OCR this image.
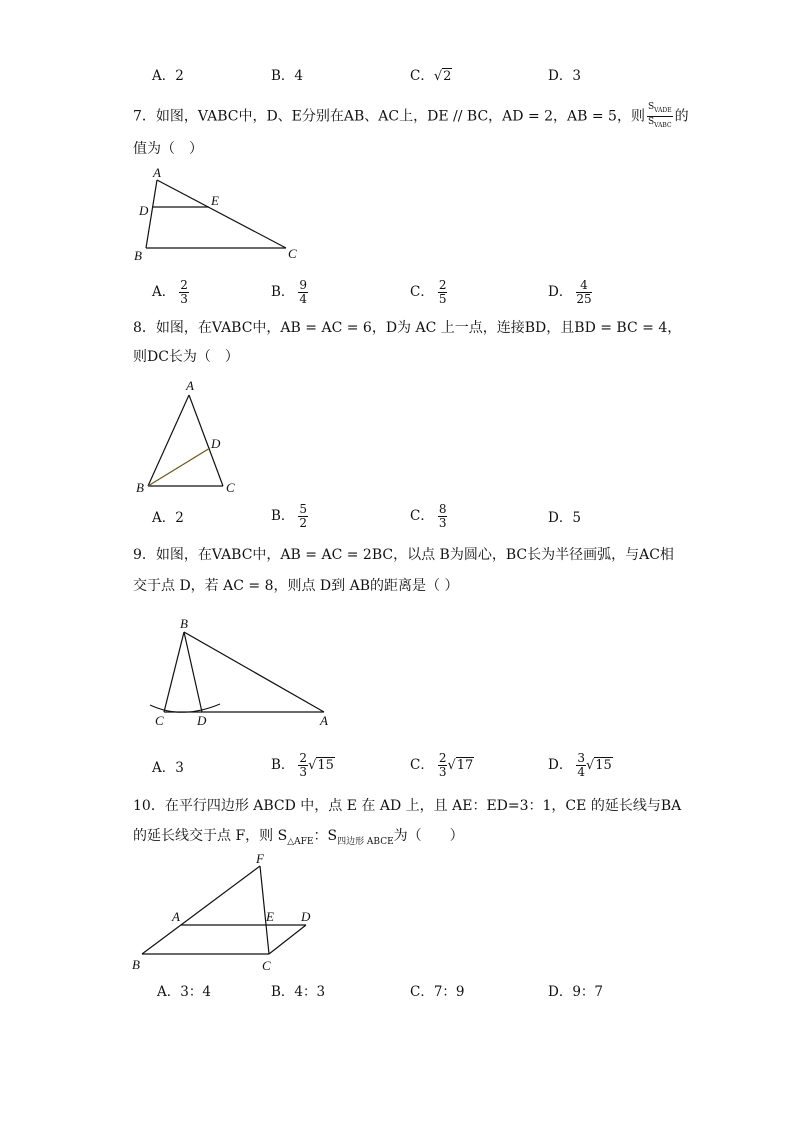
A．2	B．4	C．√2	D．3
7．如图，VABC中，D、E分别在AB、AC上，DE // BC，AD = 2，AB = 5，则 $\frac{S_{VADE}}{S_{VABC}}$ 的
值为（　）
A
D
E
B	C
A． $\frac{2}{3}$	B． $\frac{9}{4}$	C． $\frac{2}{5}$	D． $\frac{4}{25}$
8．如图，在VABC中，AB = AC = 6，D为 AC 上一点，连接BD，且BD = BC = 4，
则DC长为（　）
A
D
B	C
A．2	B． $\frac{5}{2}$	C． $\frac{8}{3}$	D．5
9．如图，在VABC中，AB = AC = 2BC，以点 B为圆心，BC长为半径画弧，与AC相
交于点 D，若 AC = 8，则点 D到 AB的距离是（ ）
B
C	D	A
A．3	B． $\frac{2}{3} √15$	C． $\frac{2}{3} √17$	D． $\frac{3}{4} √15$
10．在平行四边形 ABCD 中，点 E 在 AD 上，且 AE：ED=3：1，CE 的延长线与BA
的延长线交于点 F，则 $S_{\triangle AFE}$：$S_{四边形 ABCE}$为（　　）
F
A	E D
B	C
A．3：4	B．4：3	C．7：9	D．9：7
